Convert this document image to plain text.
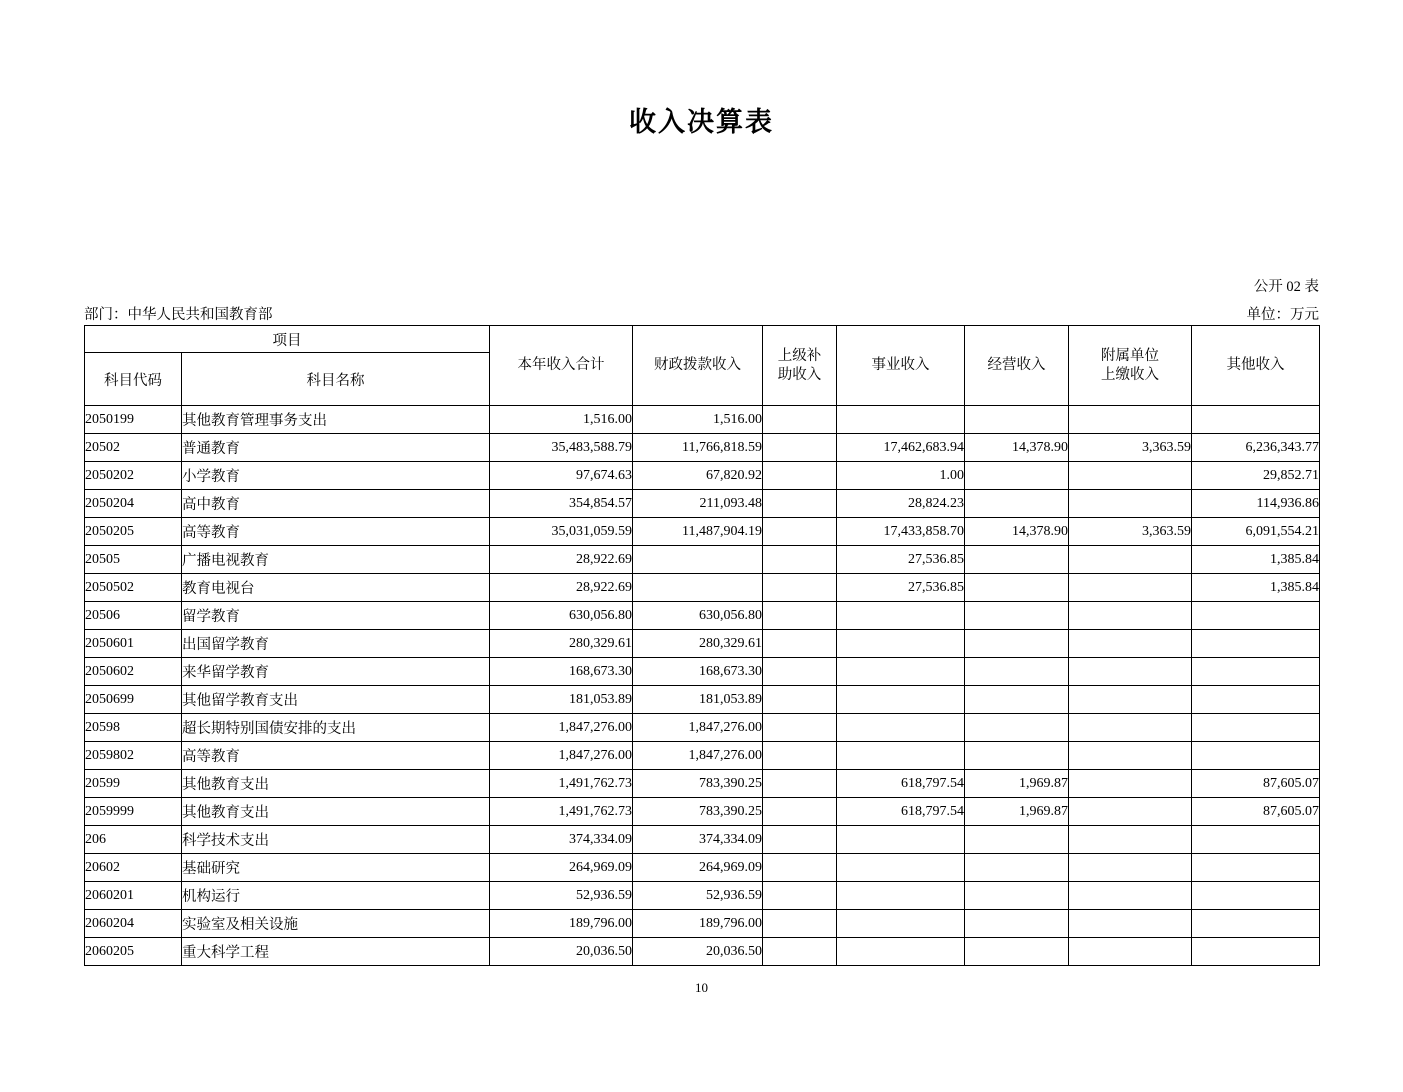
收入决算表
公开 02 表
部门：中华人民共和国教育部	单位：万元
项目		本年收入合计	财政拨款收入	上级补
助收入	事业收入	经营收入	附属单位
上缴收入	其他收入
科目代码	科目名称							
2050199	其他教育管理事务支出	1,516.00	1,516.00					
20502	普通教育	35,483,588.79	11,766,818.59		17,462,683.94	14,378.90	3,363.59	6,236,343.77
2050202	小学教育	97,674.63	67,820.92		1.00			29,852.71
2050204	高中教育	354,854.57	211,093.48		28,824.23			114,936.86
2050205	高等教育	35,031,059.59	11,487,904.19		17,433,858.70	14,378.90	3,363.59	6,091,554.21
20505	广播电视教育	28,922.69			27,536.85			1,385.84
2050502	教育电视台	28,922.69			27,536.85			1,385.84
20506	留学教育	630,056.80	630,056.80					
2050601	出国留学教育	280,329.61	280,329.61					
2050602	来华留学教育	168,673.30	168,673.30					
2050699	其他留学教育支出	181,053.89	181,053.89					
20598	超长期特别国债安排的支出	1,847,276.00	1,847,276.00					
2059802	高等教育	1,847,276.00	1,847,276.00					
20599	其他教育支出	1,491,762.73	783,390.25		618,797.54	1,969.87		87,605.07
2059999	其他教育支出	1,491,762.73	783,390.25		618,797.54	1,969.87		87,605.07
206	科学技术支出	374,334.09	374,334.09					
20602	基础研究	264,969.09	264,969.09					
2060201	机构运行	52,936.59	52,936.59					
2060204	实验室及相关设施	189,796.00	189,796.00					
2060205	重大科学工程	20,036.50	20,036.50					
10
